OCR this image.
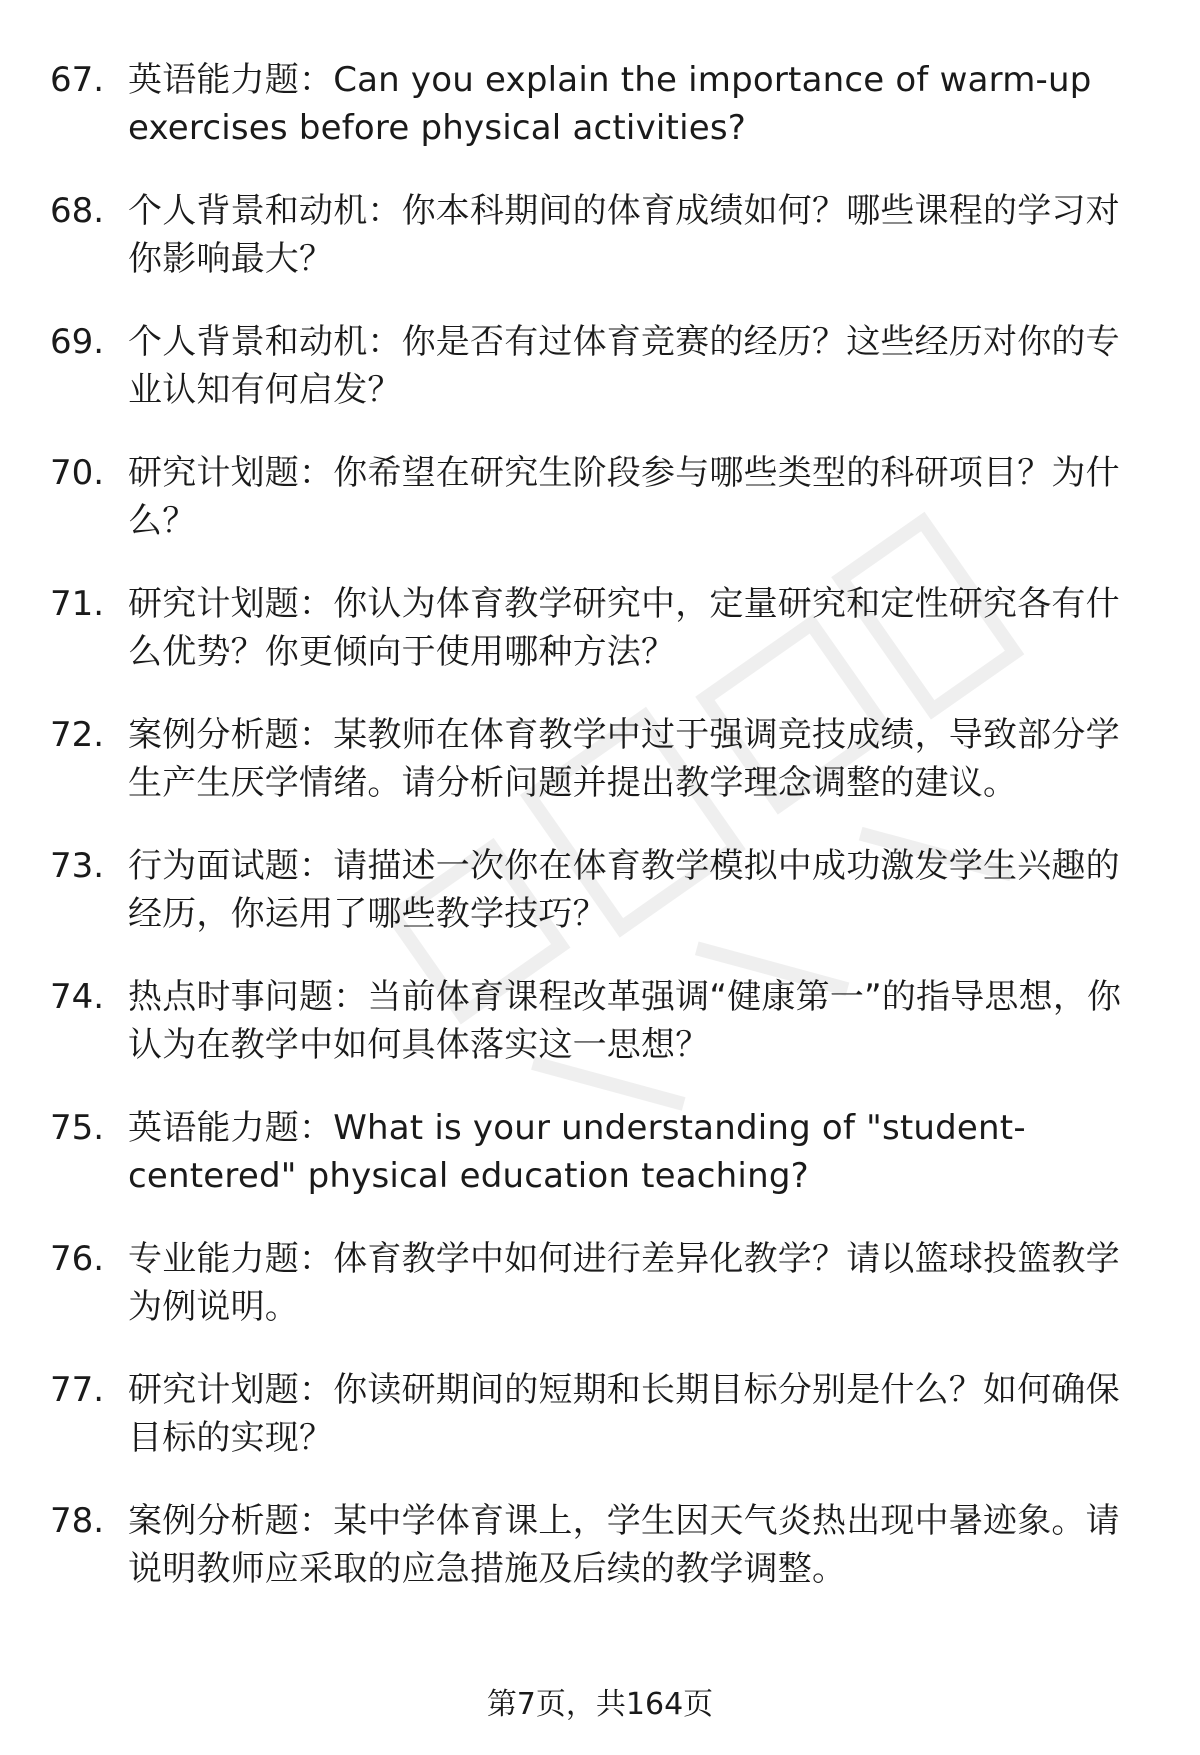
67. 英语能力题：Can you explain the importance of warm-up exercises before physical activities?
68. 个人背景和动机：你本科期间的体育成绩如何？哪些课程的学习对你影响最大？
69. 个人背景和动机：你是否有过体育竞赛的经历？这些经历对你的专业认知有何启发？
70. 研究计划题：你希望在研究生阶段参与哪些类型的科研项目？为什么？
71. 研究计划题：你认为体育教学研究中，定量研究和定性研究各有什么优势？你更倾向于使用哪种方法？
72. 案例分析题：某教师在体育教学中过于强调竞技成绩，导致部分学生产生厌学情绪。请分析问题并提出教学理念调整的建议。
73. 行为面试题：请描述一次你在体育教学模拟中成功激发学生兴趣的经历，你运用了哪些教学技巧？
74. 热点时事问题：当前体育课程改革强调“健康第一”的指导思想，你认为在教学中如何具体落实这一思想？
75. 英语能力题：What is your understanding of "student-centered" physical education teaching?
76. 专业能力题：体育教学中如何进行差异化教学？请以篮球投篮教学为例说明。
77. 研究计划题：你读研期间的短期和长期目标分别是什么？如何确保目标的实现？
78. 案例分析题：某中学体育课上，学生因天气炎热出现中暑迹象。请说明教师应采取的应急措施及后续的教学调整。
第7页，共164页
